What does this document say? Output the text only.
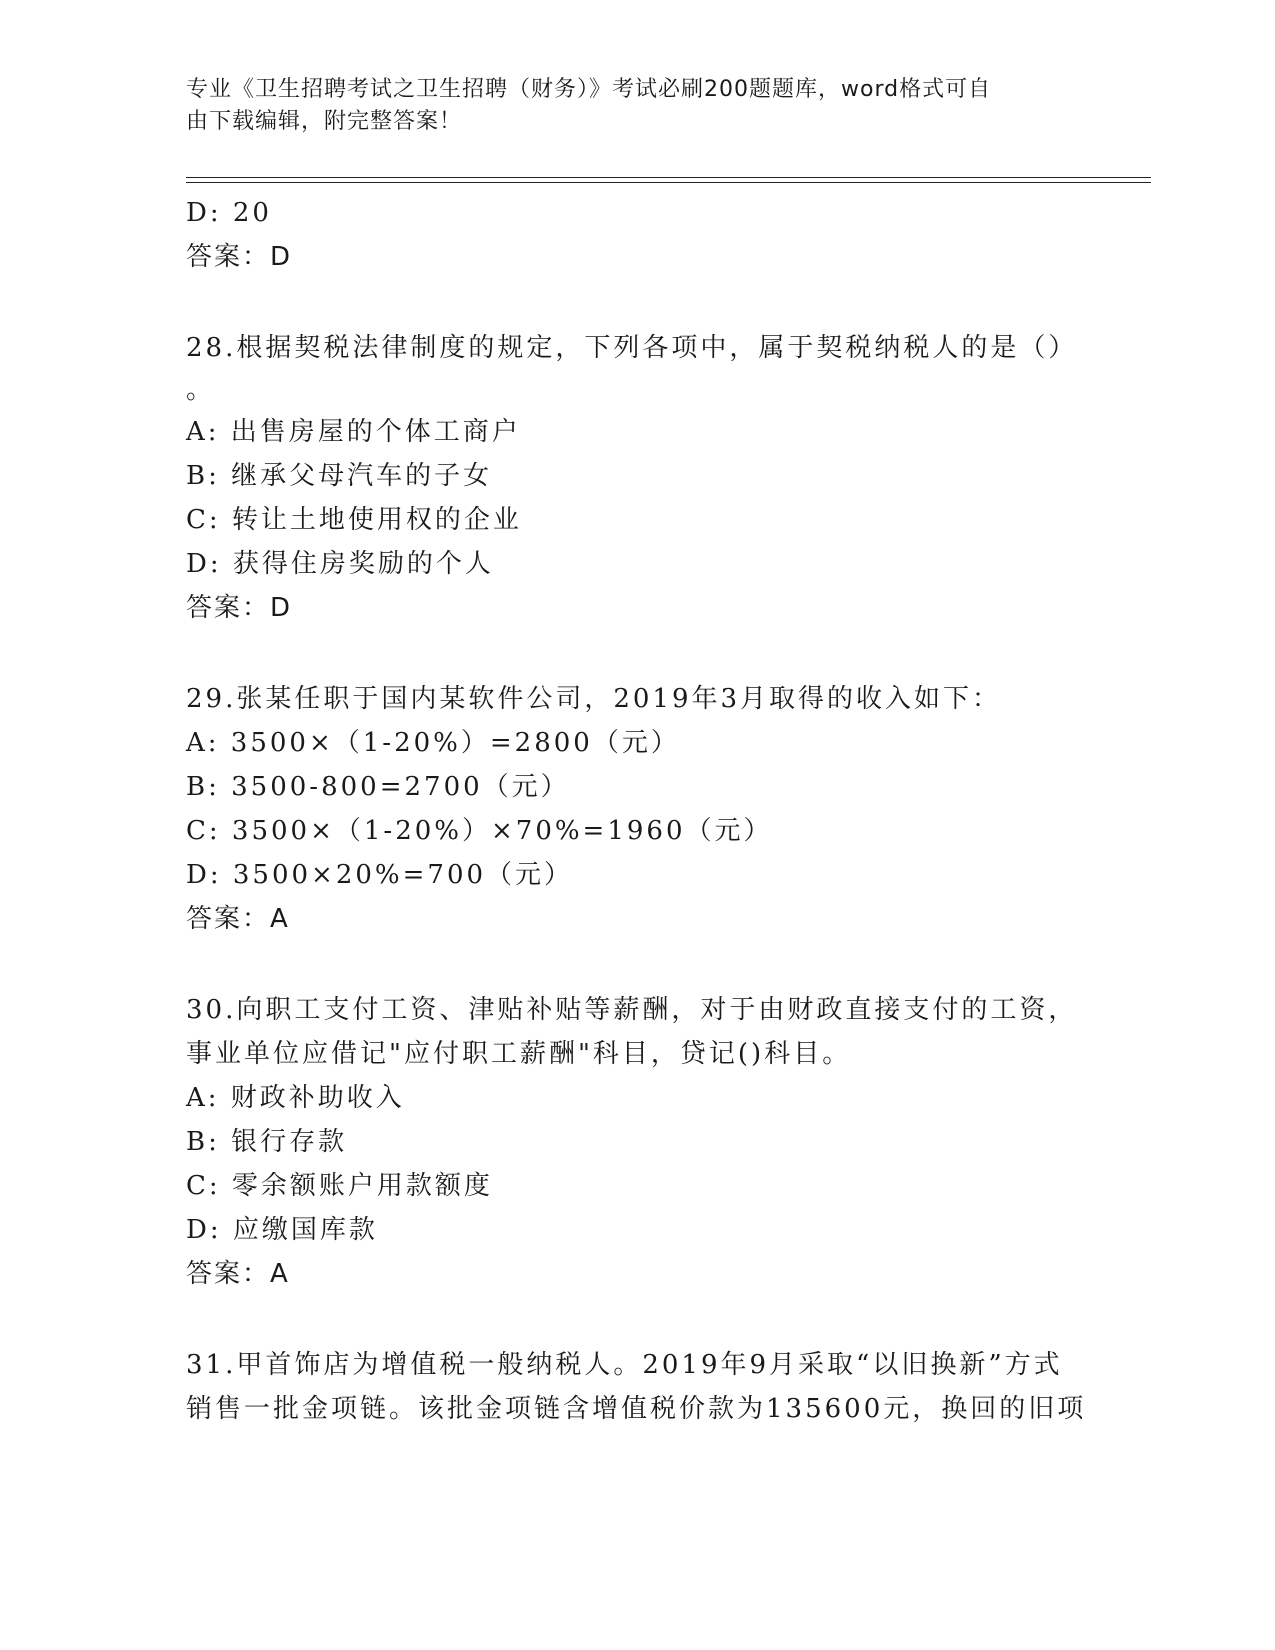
专业《卫生招聘考试之卫生招聘（财务）》考试必刷200题题库，word格式可自
由下载编辑，附完整答案！
D: 20
答案：D
28.根据契税法律制度的规定，下列各项中，属于契税纳税人的是（）
。
A: 出售房屋的个体工商户
B: 继承父母汽车的子女
C: 转让土地使用权的企业
D: 获得住房奖励的个人
答案：D
29.张某任职于国内某软件公司，2019年3月取得的收入如下：
A: 3500×（1-20%）=2800（元）
B: 3500-800=2700（元）
C: 3500×（1-20%）×70%=1960（元）
D: 3500×20%=700（元）
答案：A
30.向职工支付工资、津贴补贴等薪酬，对于由财政直接支付的工资，
事业单位应借记"应付职工薪酬"科目，贷记()科目。
A: 财政补助收入
B: 银行存款
C: 零余额账户用款额度
D: 应缴国库款
答案：A
31.甲首饰店为增值税一般纳税人。2019年9月采取“以旧换新”方式
销售一批金项链。该批金项链含增值税价款为135600元，换回的旧项
